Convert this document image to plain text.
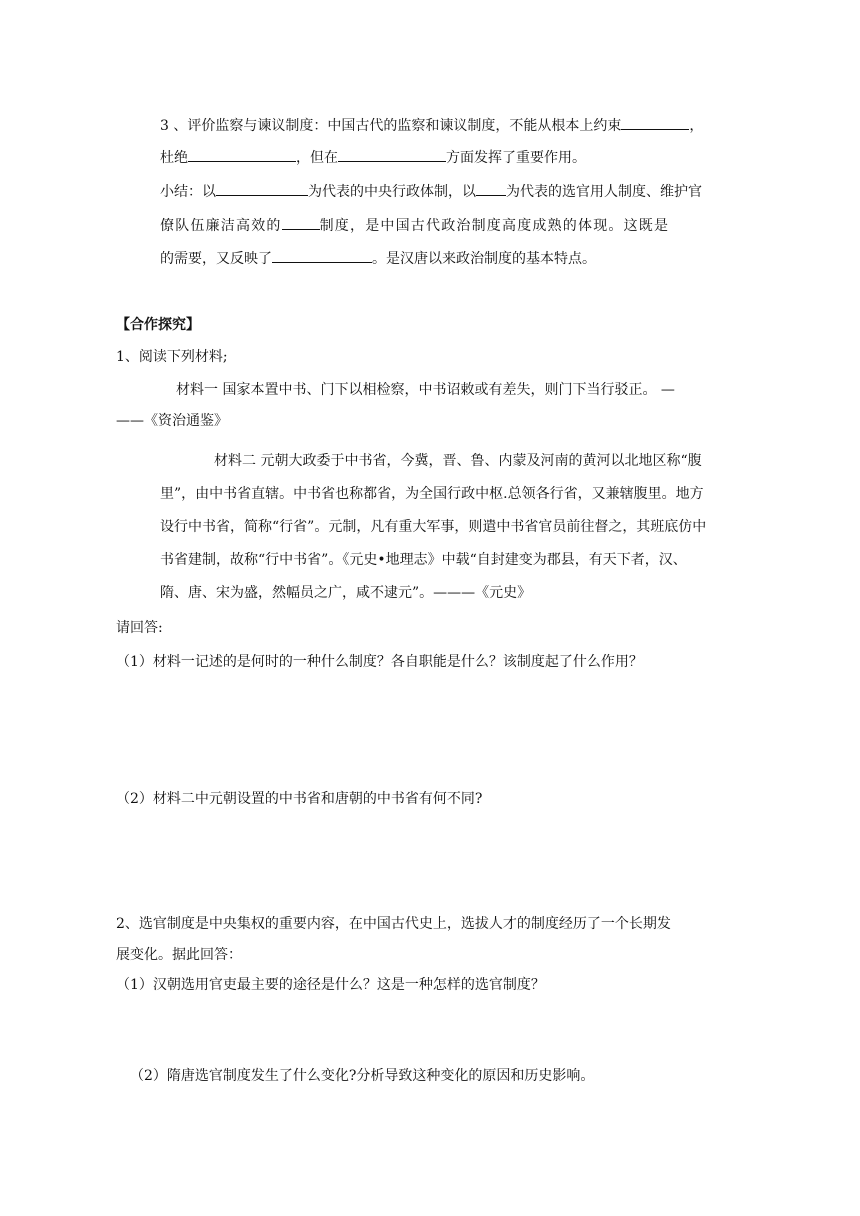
3 、评价监察与谏议制度：中国古代的监察和谏议制度，不能从根本上约束	，
杜绝	，但在	方面发挥了重要作用。
小结：以	为代表的中央行政体制，以 为代表的选官用人制度、维护官
僚队伍廉洁高效的	制度，是中国古代政治制度高度成熟的体现。这既是
的需要，又反映了	。是汉唐以来政治制度的基本特点。
【合作探究】
1、阅读下列材料;
材料一 国家本置中书、门下以相检察，中书诏敕或有差失，则门下当行驳正。 —
——《资治通鉴》
材料二 元朝大政委于中书省，今冀，晋、鲁、内蒙及河南的黄河以北地区称“腹
里”，由中书省直辖。中书省也称都省，为全国行政中枢.总领各行省，又兼辖腹里。地方
设行中书省，简称“行省”。元制，凡有重大军事，则遣中书省官员前往督之，其班底仿中
书省建制，故称“行中书省”。《元史•地理志》中载“自封建变为郡县，有天下者，汉、
隋、唐、宋为盛，然幅员之广，咸不逮元”。———《元史》
请回答:
（1）材料一记述的是何时的一种什么制度？各自职能是什么？该制度起了什么作用？
（2）材料二中元朝设置的中书省和唐朝的中书省有何不同?
2、选官制度是中央集权的重要内容，在中国古代史上，选拔人才的制度经历了一个长期发
展变化。据此回答：
（1）汉朝选用官吏最主要的途径是什么？这是一种怎样的选官制度？
（2）隋唐选官制度发生了什么变化?分析导致这种变化的原因和历史影响。
